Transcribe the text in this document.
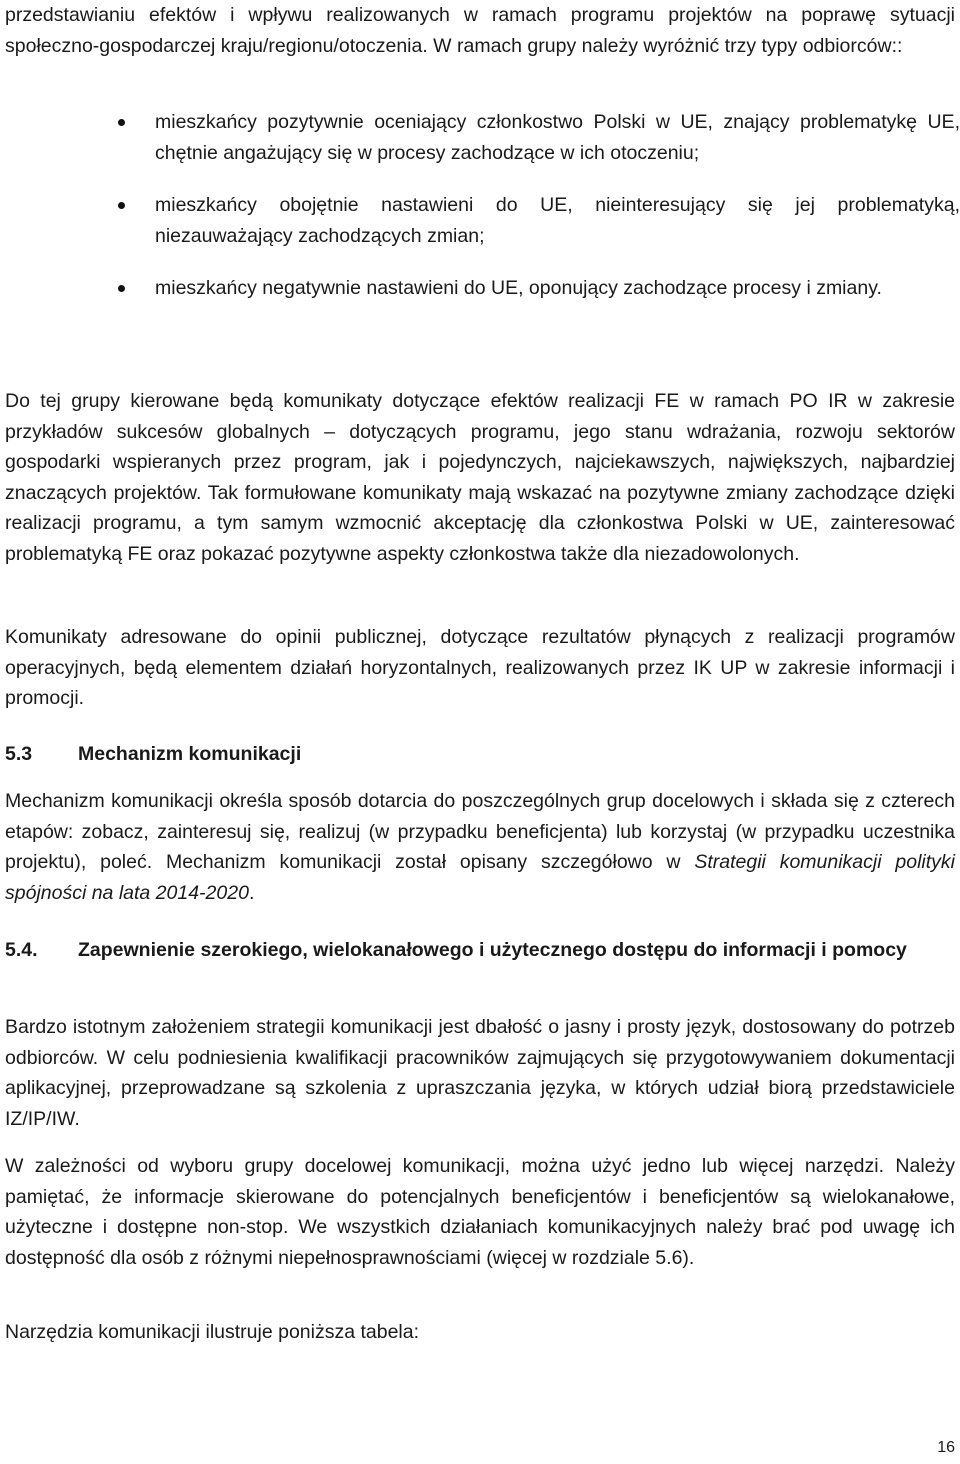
przedstawianiu efektów i wpływu realizowanych w ramach programu projektów na poprawę sytuacji społeczno-gospodarczej kraju/regionu/otoczenia. W ramach grupy należy wyróżnić trzy typy odbiorców::

mieszkańcy pozytywnie oceniający członkostwo Polski w UE, znający problematykę UE, chętnie angażujący się w procesy zachodzące w ich otoczeniu;
mieszkańcy obojętnie nastawieni do UE, nieinteresujący się jej problematyką, niezauważający zachodzących zmian;
mieszkańcy negatywnie nastawieni do UE, oponujący zachodzące procesy i zmiany.

Do tej grupy kierowane będą komunikaty dotyczące efektów realizacji FE w ramach PO IR w zakresie przykładów sukcesów globalnych – dotyczących programu, jego stanu wdrażania, rozwoju sektorów gospodarki wspieranych przez program, jak i pojedynczych, najciekawszych, największych, najbardziej znaczących projektów. Tak formułowane komunikaty mają wskazać na pozytywne zmiany zachodzące dzięki realizacji programu, a tym samym wzmocnić akceptację dla członkostwa Polski w UE, zainteresować problematyką FE oraz pokazać pozytywne aspekty członkostwa także dla niezadowolonych.

Komunikaty adresowane do opinii publicznej, dotyczące rezultatów płynących z realizacji programów operacyjnych, będą elementem działań horyzontalnych, realizowanych przez IK UP w zakresie informacji i promocji.

5.3 Mechanizm komunikacji

Mechanizm komunikacji określa sposób dotarcia do poszczególnych grup docelowych i składa się z czterech etapów: zobacz, zainteresuj się, realizuj (w przypadku beneficjenta) lub korzystaj (w przypadku uczestnika projektu), poleć. Mechanizm komunikacji został opisany szczegółowo w Strategii komunikacji polityki spójności na lata 2014-2020.

5.4. Zapewnienie szerokiego, wielokanałowego i użytecznego dostępu do informacji i pomocy

Bardzo istotnym założeniem strategii komunikacji jest dbałość o jasny i prosty język, dostosowany do potrzeb odbiorców. W celu podniesienia kwalifikacji pracowników zajmujących się przygotowywaniem dokumentacji aplikacyjnej, przeprowadzane są szkolenia z upraszczania języka, w których udział biorą przedstawiciele IZ/IP/IW.

W zależności od wyboru grupy docelowej komunikacji, można użyć jedno lub więcej narzędzi. Należy pamiętać, że informacje skierowane do potencjalnych beneficjentów i beneficjentów są wielokanałowe, użyteczne i dostępne non-stop. We wszystkich działaniach komunikacyjnych należy brać pod uwagę ich dostępność dla osób z różnymi niepełnosprawnościami (więcej w rozdziale 5.6).

Narzędzia komunikacji ilustruje poniższa tabela:

16
